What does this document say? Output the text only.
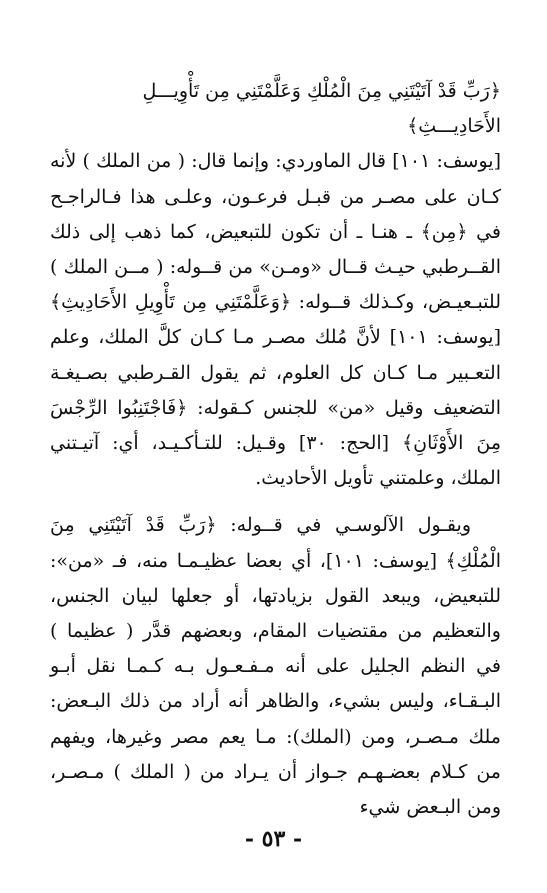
﴿رَبِّ قَدْ آتَيْتَنِي مِنَ الْمُلْكِ وَعَلَّمْتَنِي مِن تَأْوِيـــلِ الأَحَادِيـــثِ﴾

[يوسف: ١٠١] قال الماوردي: وإنما قال: ( من الملك ) لأنه كـان على مصـر من قبـل فرعـون، وعلـى هذا فـالراجـح في ﴿مِن﴾ ـ هنـا ـ أن تكون للتبعيض، كما ذهب إلى ذلك القــرطبي حيـث قــال «ومـن» من قــوله: ( مــن الملك ) للتبـعيـض، وكـذلك قــوله: ﴿وَعَلَّمْتَنِي مِن تَأْوِيلِ الأَحَادِيثِ﴾ [يوسف: ١٠١] لأنَّ مُلك مصـر مـا كـان كلَّ الملك، وعلم التعـبير مـا كـان كل العلوم، ثم يقول القـرطبي بصـيغـة التضعيف وقيل «من» للجنس كـقوله: ﴿فَاجْتَنِبُوا الرِّجْسَ مِنَ الأَوْثَانِ﴾ [الحج: ٣٠] وقـيل: للتـأكـيـد، أي: آتيـتني الملك، وعلمتني تأويل الأحاديث.

ويقـول الآلوسـي في قــوله: ﴿رَبِّ قَدْ آتَيْتَنِي مِنَ الْمُلْكِ﴾ [يوسف: ١٠١]، أي بعضا عظيـمـا منه، فـ «من»: للتبعيض، ويبعد القول بزيادتها، أو جعلها لبيان الجنس، والتعظيم من مقتضيات المقام، وبعضهم قدَّر ( عظيما ) في النظم الجليل على أنه مـفـعـول بـه كـمـا نقل أبـو البـقـاء، وليس بشيء، والظاهر أنه أراد من ذلك البـعض: ملك مـصـر، ومن (الملك): مـا يعم مصر وغيرها، ويفهم من كـلام بعضـهـم جـواز أن يـراد من ( الملك ) مـصـر، ومن البـعض شيء

- ٥٣ -
